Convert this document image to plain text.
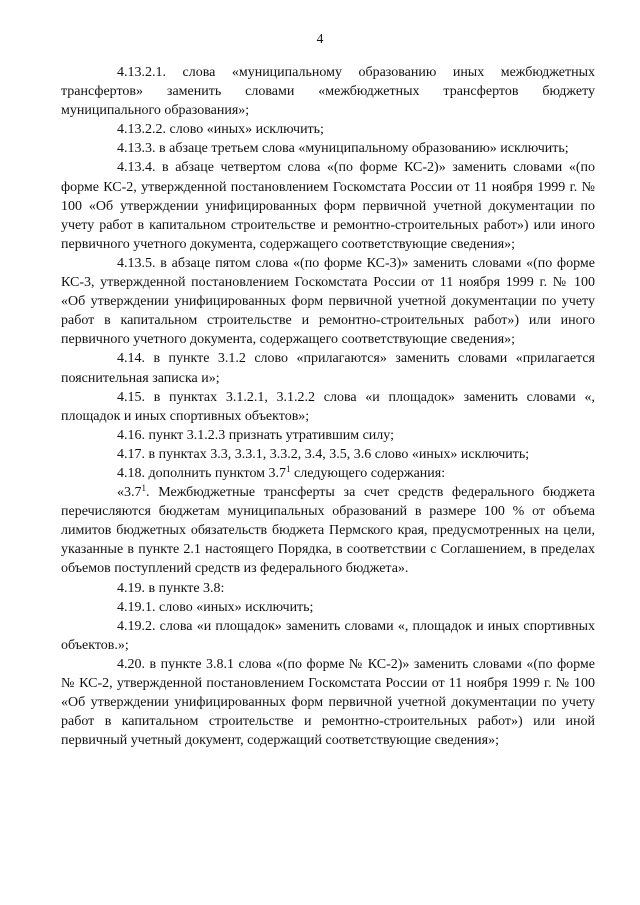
4

4.13.2.1. слова «муниципальному образованию иных межбюджетных трансфертов» заменить словами «межбюджетных трансфертов бюджету муниципального образования»;

4.13.2.2. слово «иных» исключить;

4.13.3. в абзаце третьем слова «муниципальному образованию» исключить;

4.13.4. в абзаце четвертом слова «(по форме КС-2)» заменить словами «(по форме КС-2, утвержденной постановлением Госкомстата России от 11 ноября 1999 г. № 100 «Об утверждении унифицированных форм первичной учетной документации по учету работ в капитальном строительстве и ремонтно-строительных работ») или иного первичного учетного документа, содержащего соответствующие сведения»;

4.13.5. в абзаце пятом слова «(по форме КС-3)» заменить словами «(по форме КС-3, утвержденной постановлением Госкомстата России от 11 ноября 1999 г. № 100 «Об утверждении унифицированных форм первичной учетной документации по учету работ в капитальном строительстве и ремонтно-строительных работ») или иного первичного учетного документа, содержащего соответствующие сведения»;

4.14. в пункте 3.1.2 слово «прилагаются» заменить словами «прилагается пояснительная записка и»;

4.15. в пунктах 3.1.2.1, 3.1.2.2 слова «и площадок» заменить словами «, площадок и иных спортивных объектов»;

4.16. пункт 3.1.2.3 признать утратившим силу;

4.17. в пунктах 3.3, 3.3.1, 3.3.2, 3.4, 3.5, 3.6 слово «иных» исключить;

4.18. дополнить пунктом $3.7^1$ следующего содержания:

«$3.7^1$. Межбюджетные трансферты за счет средств федерального бюджета перечисляются бюджетам муниципальных образований в размере 100 % от объема лимитов бюджетных обязательств бюджета Пермского края, предусмотренных на цели, указанные в пункте 2.1 настоящего Порядка, в соответствии с Соглашением, в пределах объемов поступлений средств из федерального бюджета».

4.19. в пункте 3.8:

4.19.1. слово «иных» исключить;

4.19.2. слова «и площадок» заменить словами «, площадок и иных спортивных объектов.»;

4.20. в пункте 3.8.1 слова «(по форме № КС-2)» заменить словами «(по форме № КС-2, утвержденной постановлением Госкомстата России от 11 ноября 1999 г. № 100 «Об утверждении унифицированных форм первичной учетной документации по учету работ в капитальном строительстве и ремонтно-строительных работ») или иной первичный учетный документ, содержащий соответствующие сведения»;
